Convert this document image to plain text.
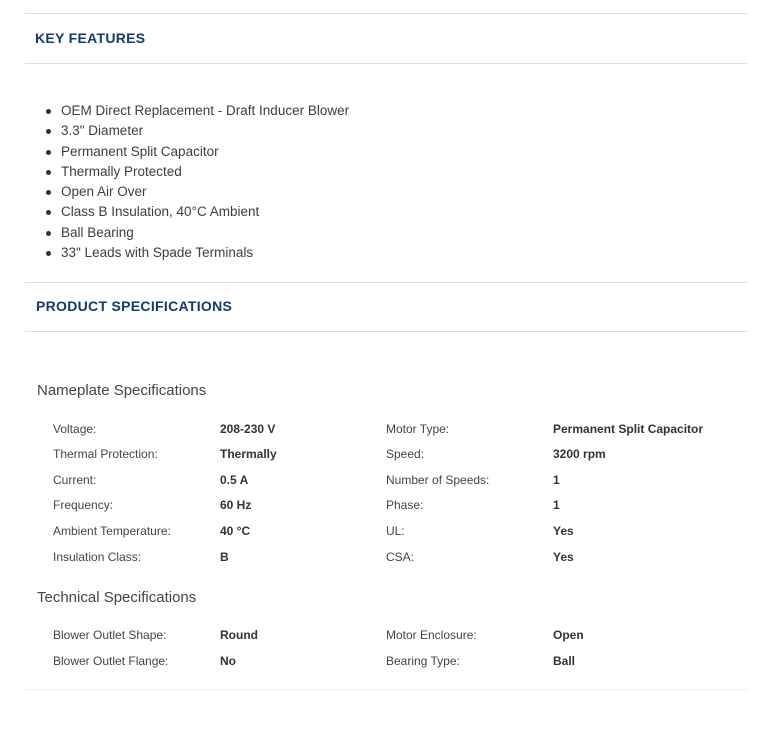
KEY FEATURES
OEM Direct Replacement - Draft Inducer Blower
3.3" Diameter
Permanent Split Capacitor
Thermally Protected
Open Air Over
Class B Insulation, 40°C Ambient
Ball Bearing
33" Leads with Spade Terminals
PRODUCT SPECIFICATIONS
Nameplate Specifications
Voltage:	208-230 V	Motor Type:	Permanent Split Capacitor
Thermal Protection:	Thermally	Speed:	3200 rpm
Current:	0.5 A	Number of Speeds:	1
Frequency:	60 Hz	Phase:	1
Ambient Temperature:	40 °C	UL:	Yes
Insulation Class:	B	CSA:	Yes
Technical Specifications
Blower Outlet Shape:	Round	Motor Enclosure:	Open
Blower Outlet Flange:	No	Bearing Type:	Ball
